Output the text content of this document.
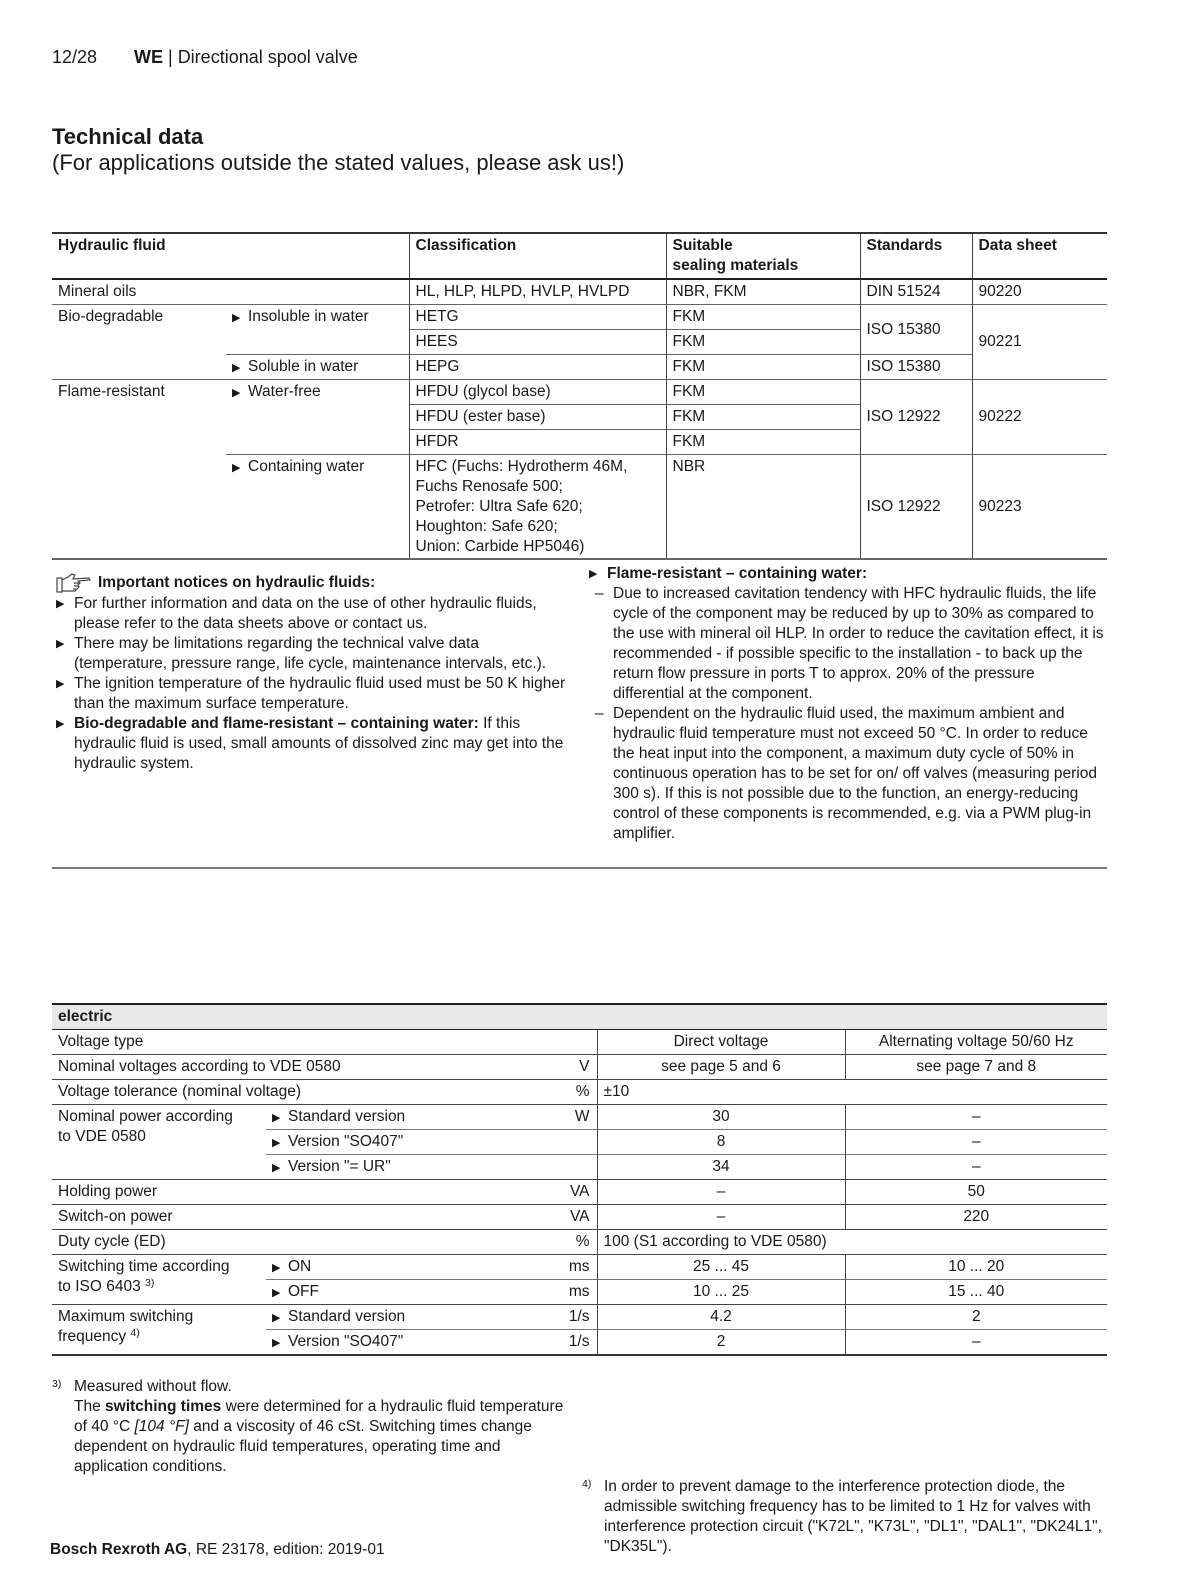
12/28 WE | Directional spool valve
Technical data
(For applications outside the stated values, please ask us!)
Hydraulic fluid		Classification	Suitable
sealing materials	Standards	Data sheet
Mineral oils		HL, HLP, HLPD, HVLP, HVLPD	NBR, FKM	DIN 51524	90220
Bio-degradable	▶ Insoluble in water	HETG	FKM	ISO 15380	90221
		HEES	FKM		
	▶ Soluble in water	HEPG	FKM	ISO 15380	
Flame-resistant	▶ Water-free	HFDU (glycol base)	FKM	ISO 12922	90222
		HFDU (ester base)	FKM		
		HFDR	FKM		
	▶ Containing water	HFC (Fuchs: Hydrotherm 46M,
Fuchs Renosafe 500;
Petrofer: Ultra Safe 620;
Houghton: Safe 620;
Union: Carbide HP5046)	NBR	ISO 12922	90223
Important notices on hydraulic fluids:
▶ For further information and data on the use of other hydraulic fluids, please refer to the data sheets above or contact us.
▶ There may be limitations regarding the technical valve data (temperature, pressure range, life cycle, maintenance intervals, etc.).
▶ The ignition temperature of the hydraulic fluid used must be 50 K higher than the maximum surface temperature.
▶ Bio-degradable and flame-resistant – containing water: If this hydraulic fluid is used, small amounts of dissolved zinc may get into the hydraulic system.
▶ Flame-resistant – containing water:
– Due to increased cavitation tendency with HFC hydraulic fluids, the life cycle of the component may be reduced by up to 30% as compared to the use with mineral oil HLP. In order to reduce the cavitation effect, it is recommended - if possible specific to the installation - to back up the return flow pressure in ports T to approx. 20% of the pressure differential at the component.
– Dependent on the hydraulic fluid used, the maximum ambient and hydraulic fluid temperature must not exceed 50 °C. In order to reduce the heat input into the component, a maximum duty cycle of 50% in continuous operation has to be set for on/ off valves (measuring period 300 s). If this is not possible due to the function, an energy-reducing control of these components is recommended, e.g. via a PWM plug-in amplifier.
electric				
Voltage type			Direct voltage	Alternating voltage 50/60 Hz
Nominal voltages according to VDE 0580		V	see page 5 and 6	see page 7 and 8
Voltage tolerance (nominal voltage)		%	±10	

Nominal power according
to VDE 0580	▶ Standard version	W	30	–
	▶ Version "SO407"		8	–
	▶ Version "= UR"		34	–
Holding power		VA	–	50
Switch-on power		VA	–	220
Duty cycle (ED)		%	100 (S1 according to VDE 0580)	

Switching time according
to ISO 6403 $^{3)}$	▶ ON	ms	25 ... 45	10 ... 20
	▶ OFF	ms	10 ... 25	15 ... 40

Maximum switching
frequency $^{4)}$	▶ Standard version	1/s	4.2	2
	▶ Version "SO407"	1/s	2	–
3) Measured without flow.
The switching times were determined for a hydraulic fluid temperature of 40 °C [104 °F] and a viscosity of 46 cSt. Switching times change dependent on hydraulic fluid temperatures, operating time and application conditions.
4) In order to prevent damage to the interference protection diode, the admissible switching frequency has to be limited to 1 Hz for valves with interference protection circuit ("K72L", "K73L", "DL1", "DAL1", "DK24L1", "DK35L").
Bosch Rexroth AG, RE 23178, edition: 2019-01
